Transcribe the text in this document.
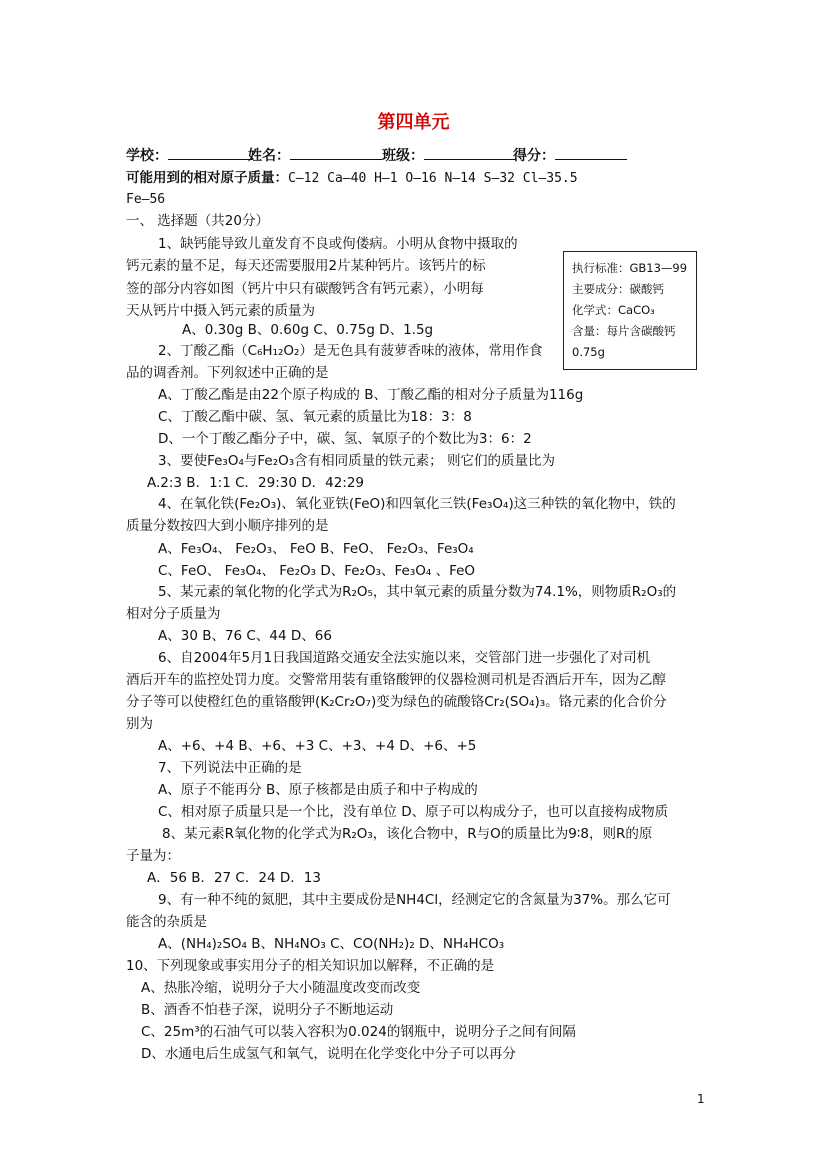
第四单元
学校：	姓名：	班级：	得分：
可能用到的相对原子质量：C—12 Ca—40 H—1 O—16 N—14 S—32 Cl—35.5
Fe—56
一、 选择题（共20分）
执行标准：GB13—99
主要成分：碳酸钙
化学式：CaCO₃
含量：每片含碳酸钙
0.75g
1、缺钙能导致儿童发育不良或佝偻病。小明从食物中摄取的
钙元素的量不足，每天还需要服用2片某种钙片。该钙片的标
签的部分内容如图（钙片中只有碳酸钙含有钙元素），小明每
天从钙片中摄入钙元素的质量为
A、0.30g B、0.60g C、0.75g D、1.5g
2、丁酸乙酯（C₆H₁₂O₂）是无色具有菠萝香味的液体，常用作食
品的调香剂。下列叙述中正确的是
A、丁酸乙酯是由22个原子构成的 B、丁酸乙酯的相对分子质量为116g
C、丁酸乙酯中碳、氢、氧元素的质量比为18：3：8
D、一个丁酸乙酯分子中，碳、氢、氧原子的个数比为3：6：2
3、要使Fe₃O₄与Fe₂O₃含有相同质量的铁元素； 则它们的质量比为
A.2:3 B．1:1 C．29:30 D．42:29
4、在氧化铁(Fe₂O₃)、氧化亚铁(FeO)和四氧化三铁(Fe₃O₄)这三种铁的氧化物中，铁的
质量分数按四大到小顺序排列的是
A、Fe₃O₄、 Fe₂O₃、 FeO B、FeO、 Fe₂O₃、Fe₃O₄
C、FeO、 Fe₃O₄、 Fe₂O₃ D、Fe₂O₃、Fe₃O₄ 、FeO
5、某元素的氧化物的化学式为R₂O₅，其中氧元素的质量分数为74.1%，则物质R₂O₃的
相对分子质量为
A、30 B、76 C、44 D、66
6、自2004年5月1日我国道路交通安全法实施以来，交管部门进一步强化了对司机
酒后开车的监控处罚力度。交警常用装有重铬酸钾的仪器检测司机是否酒后开车，因为乙醇
分子等可以使橙红色的重铬酸钾(K₂Cr₂O₇)变为绿色的硫酸铬Cr₂(SO₄)₃。铬元素的化合价分
别为
A、+6、+4 B、+6、+3 C、+3、+4 D、+6、+5
7、下列说法中正确的是
A、原子不能再分 B、原子核都是由质子和中子构成的
C、相对原子质量只是一个比，没有单位 D、原子可以构成分子，也可以直接构成物质
8、某元素R氧化物的化学式为R₂O₃，该化合物中，R与O的质量比为9∶8，则R的原
子量为：
A．56 B．27 C．24 D．13
9、有一种不纯的氮肥，其中主要成份是NH4Cl，经测定它的含氮量为37%。那么它可
能含的杂质是
A、(NH₄)₂SO₄ B、NH₄NO₃ C、CO(NH₂)₂ D、NH₄HCO₃
10、下列现象或事实用分子的相关知识加以解释，不正确的是
A、热胀冷缩，说明分子大小随温度改变而改变
B、酒香不怕巷子深，说明分子不断地运动
C、25m³的石油气可以装入容积为0.024的钢瓶中，说明分子之间有间隔
D、水通电后生成氢气和氧气，说明在化学变化中分子可以再分
1
